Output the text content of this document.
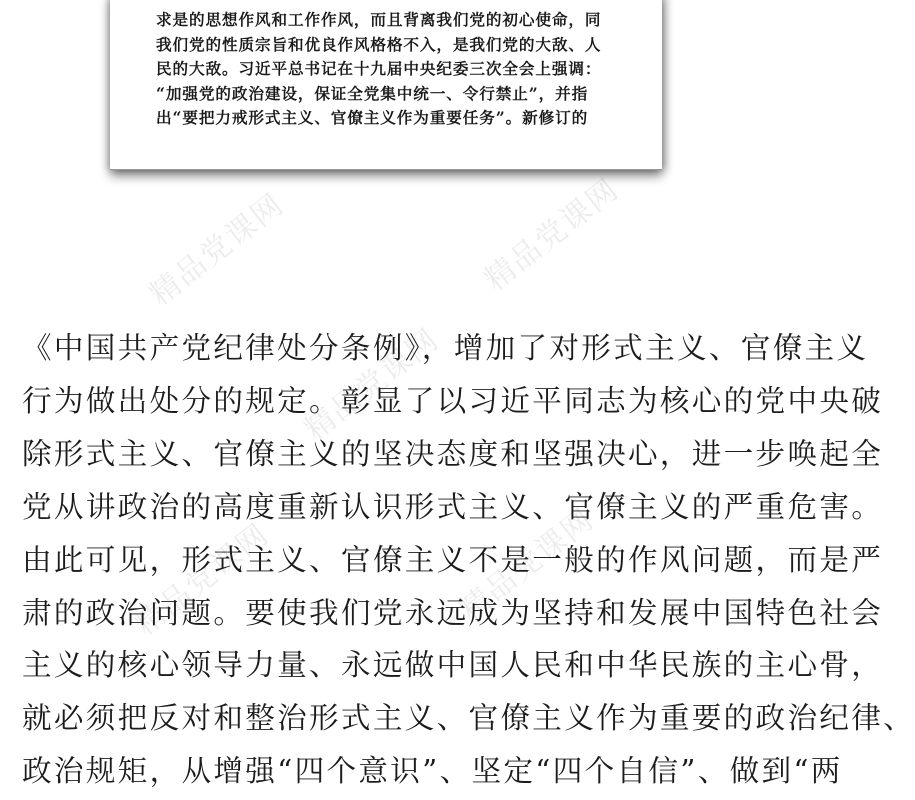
精品党课网	精品党课网
精品党课网
精品党课网	精品党课网
求是的思想作风和工作作风，而且背离我们党的初心使命，同
我们党的性质宗旨和优良作风格格不入，是我们党的大敌、人
民的大敌。习近平总书记在十九届中央纪委三次全会上强调：
“加强党的政治建设，保证全党集中统一、令行禁止”，并指
出“要把力戒形式主义、官僚主义作为重要任务”。新修订的
《中国共产党纪律处分条例》，增加了对形式主义、官僚主义
行为做出处分的规定。彰显了以习近平同志为核心的党中央破
除形式主义、官僚主义的坚决态度和坚强决心，进一步唤起全
党从讲政治的高度重新认识形式主义、官僚主义的严重危害。
由此可见，形式主义、官僚主义不是一般的作风问题，而是严
肃的政治问题。要使我们党永远成为坚持和发展中国特色社会
主义的核心领导力量、永远做中国人民和中华民族的主心骨，
就必须把反对和整治形式主义、官僚主义作为重要的政治纪律、
政治规矩，从增强“四个意识”、坚定“四个自信”、做到“两
